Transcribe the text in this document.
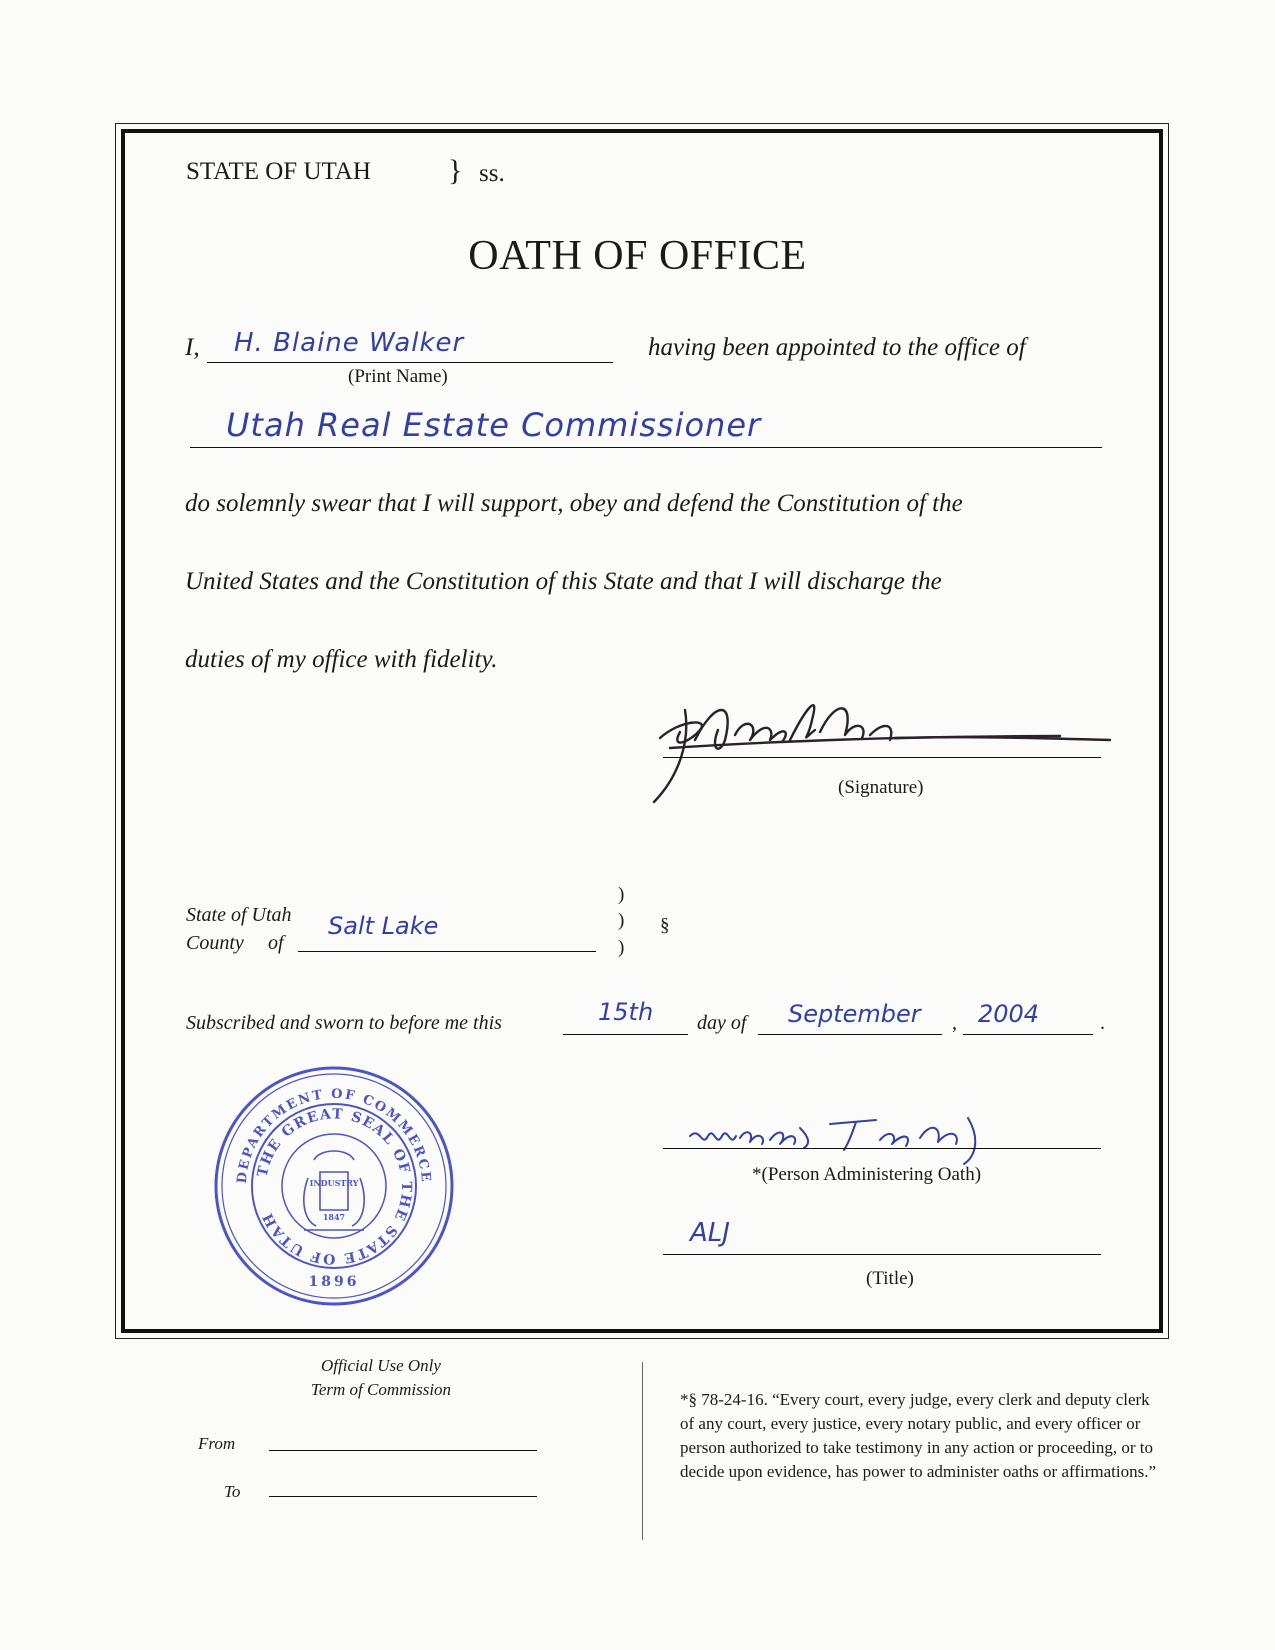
STATE OF UTAH	} ss.
OATH OF OFFICE
I, H. Blaine Walker
(Print Name)
having been appointed to the office of
Utah Real Estate Commissioner
do solemnly swear that I will support, obey and defend the Constitution of the
United States and the Constitution of this State and that I will discharge the
duties of my office with fidelity.
(Signature)
State of Utah
County of
Salt Lake
)
)
)
§
Subscribed and sworn to before me this	15th day of September , 2004	.
DEPARTMENT OF COMMERCE
THE GREAT SEAL OF THE STATE OF UTAH
1896
INDUSTRY
1847
*(Person Administering Oath)
ALJ
(Title)
Official Use Only
Term of Commission
From
To
*§ 78-24-16. “Every court, every judge, every clerk and deputy clerk of any court, every justice, every notary public, and every officer or person authorized to take testimony in any action or proceeding, or to decide upon evidence, has power to administer oaths or affirmations.”
